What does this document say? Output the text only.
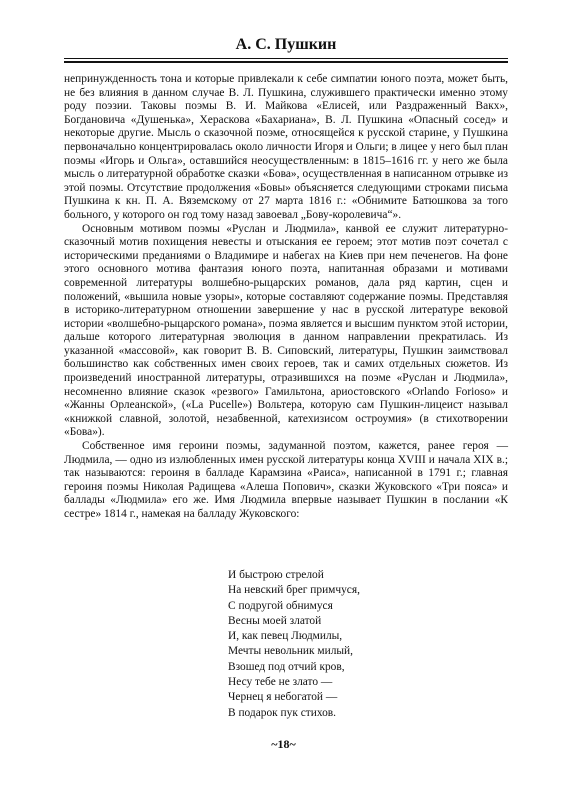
А. С. Пушкин

непринужденность тона и которые привлекали к себе симпатии юного поэта, может быть, не без влияния в данном случае В. Л. Пушкина, служившего практически именно этому роду поэзии. Таковы поэмы В. И. Майкова «Елисей, или Раздраженный Вакх», Богдановича «Душенька», Хераскова «Бахариана», В. Л. Пушкина «Опасный сосед» и некоторые другие. Мысль о сказочной поэме, относящейся к русской старине, у Пушкина первоначально концентрировалась около личности Игоря и Ольги; в лицее у него был план поэмы «Игорь и Ольга», оставшийся неосуществленным: в 1815–1616 гг. у него же была мысль о литературной обработке сказки «Бова», осуществленная в написанном отрывке из этой поэмы. Отсутствие продолжения «Бовы» объясняется следующими строками письма Пушкина к кн. П. А. Вяземскому от 27 марта 1816 г.: «Обнимите Батюшкова за того больного, у которого он год тому назад завоевал „Бову-королевича“».

Основным мотивом поэмы «Руслан и Людмила», канвой ее служит литературно-сказочный мотив похищения невесты и отыскания ее героем; этот мотив поэт сочетал с историческими преданиями о Владимире и набегах на Киев при нем печенегов. На фоне этого основного мотива фантазия юного поэта, напитанная образами и мотивами современной литературы волшебно-рыцарских романов, дала ряд картин, сцен и положений, «вышила новые узоры», которые составляют содержание поэмы. Представляя в историко-литературном отношении завершение у нас в русской литературе вековой истории «волшебно-рыцарского романа», поэма является и высшим пунктом этой истории, дальше которого литературная эволюция в данном направлении прекратилась. Из указанной «массовой», как говорит В. В. Сиповский, литературы, Пушкин заимствовал большинство как собственных имен своих героев, так и самих отдельных сюжетов. Из произведений иностранной литературы, отразившихся на поэме «Руслан и Людмила», несомненно влияние сказок «резвого» Гамильтона, ариостовского «Orlando Forioso» и «Жанны Орлеанской», («La Pucelle») Вольтера, которую сам Пушкин-лицеист называл «книжкой славной, золотой, незабвенной, катехизисом остроумия» (в стихотворении «Бова»).

Собственное имя героини поэмы, задуманной поэтом, кажется, ранее героя — Людмила, — одно из излюбленных имен русской литературы конца XVIII и начала XIX в.; так называются: героиня в балладе Карамзина «Раиса», написанной в 1791 г.; главная героиня поэмы Николая Радищева «Алеша Попович», сказки Жуковского «Три пояса» и баллады «Людмила» его же. Имя Людмила впервые называет Пушкин в послании «К сестре» 1814 г., намекая на балладу Жуковского:

И быстрою стрелой
На невский брег примчуся,
С подругой обнимуся
Весны моей златой
И, как певец Людмилы,
Мечты невольник милый,
Взошед под отчий кров,
Несу тебе не злато —
Чернец я небогатой —
В подарок пук стихов.
~18~
